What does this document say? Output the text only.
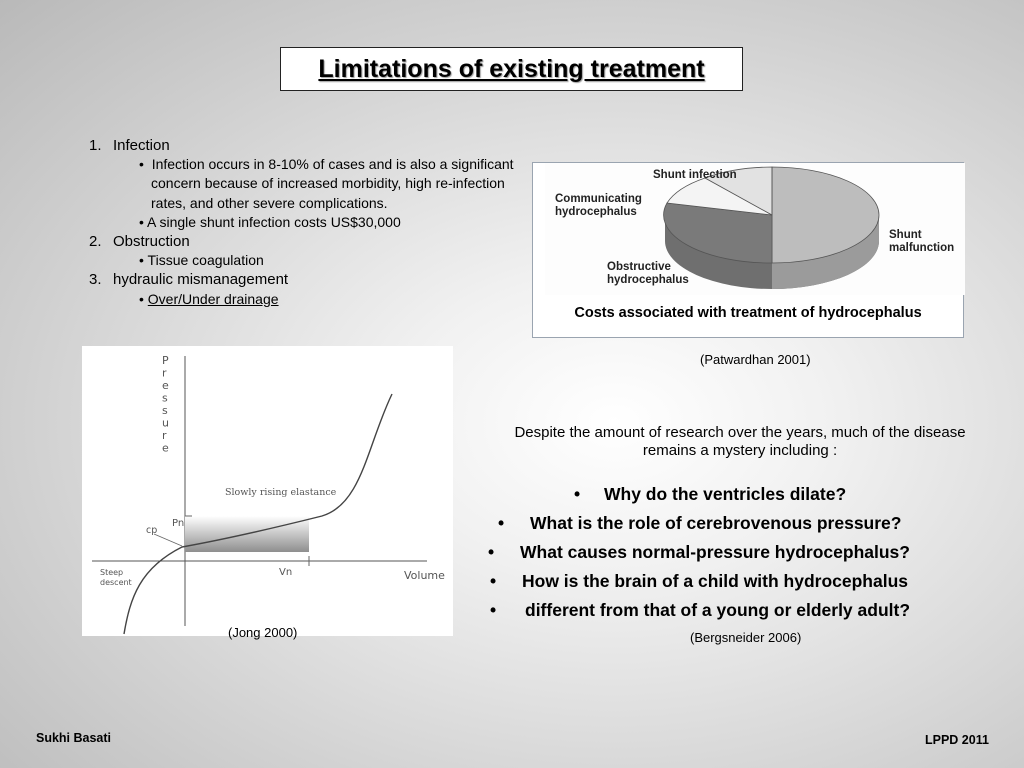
Limitations of existing treatment
1. Infection
• Infection occurs in 8-10% of cases and is also a significant concern because of increased morbidity, high re-infection rates, and other severe complications.
• A single shunt infection costs US$30,000
2. Obstruction
• Tissue coagulation
3. hydraulic mismanagement
• Over/Under drainage
Shunt infection
Communicating hydrocephalus
Obstructive hydrocephalus
Shunt malfunction
Costs associated with treatment of hydrocephalus
(Patwardhan 2001)
P r e s s u r e
Slowly rising elastance
Pn
cp
Vn	Volume
Steep descent
(Jong 2000)
Despite the amount of research over the years, much of the disease remains a mystery including :
• Why do the ventricles dilate?
• What is the role of cerebrovenous pressure?
• What causes normal-pressure hydrocephalus?
• How is the brain of a child with hydrocephalus
• different from that of a young or elderly adult?
(Bergsneider 2006)
Sukhi Basati	LPPD 2011
